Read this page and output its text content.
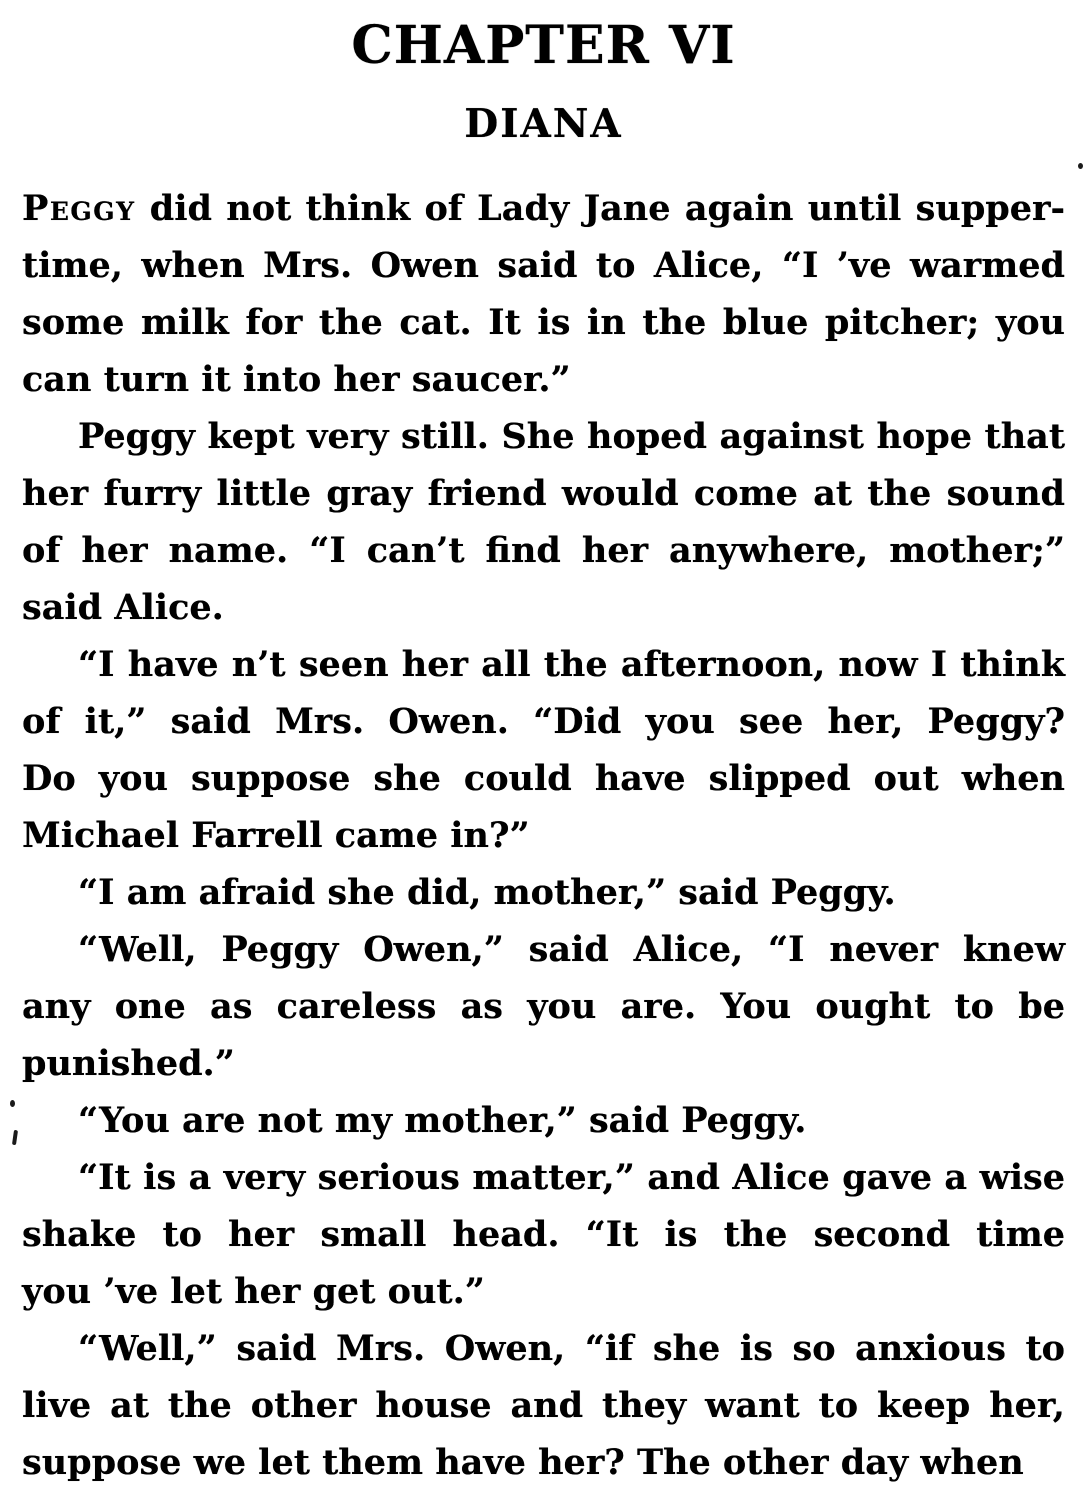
CHAPTER VI
DIANA
Peggy did not think of Lady Jane again until supper-
time, when Mrs. Owen said to Alice, “I ’ve warmed
some milk for the cat. It is in the blue pitcher; you
can turn it into her saucer.”
Peggy kept very still. She hoped against hope that
her furry little gray friend would come at the sound
of her name. “I can’t find her anywhere, mother;”
said Alice.
“I have n’t seen her all the afternoon, now I think
of it,” said Mrs. Owen. “Did you see her, Peggy?
Do you suppose she could have slipped out when
Michael Farrell came in?”
“I am afraid she did, mother,” said Peggy.
“Well, Peggy Owen,” said Alice, “I never knew
any one as careless as you are. You ought to be
punished.”
“You are not my mother,” said Peggy.
“It is a very serious matter,” and Alice gave a wise
shake to her small head. “It is the second time
you ’ve let her get out.”
“Well,” said Mrs. Owen, “if she is so anxious to
live at the other house and they want to keep her,
suppose we let them have her? The other day when
